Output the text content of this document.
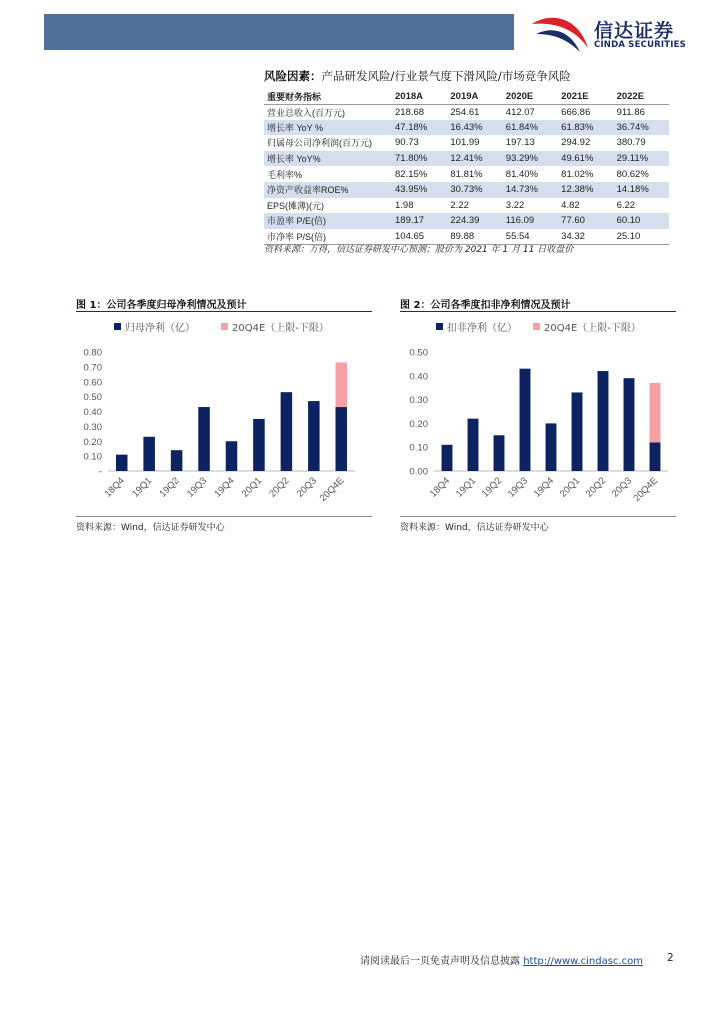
信达证券
CINDA SECURITIES
风险因素：产品研发风险/行业景气度下滑风险/市场竞争风险
重要财务指标	2018A	2019A	2020E	2021E	2022E
营业总收入(百万元)	218.68	254.61	412.07	666.86	911.86
增长率 YoY %	47.18%	16.43%	61.84%	61.83%	36.74%
归属母公司净利润(百万元)	90.73	101.99	197.13	294.92	380.79
增长率 YoY%	71.80%	12.41%	93.29%	49.61%	29.11%
毛利率%	82.15%	81.81%	81.40%	81.02%	80.62%
净资产收益率ROE%	43.95%	30.73%	14.73%	12.38%	14.18%
EPS(摊薄)(元)	1.98	2.22	3.22	4.82	6.22
市盈率 P/E(倍)	189.17	224.39	116.09	77.60	60.10
市净率 P/S(倍)	104.65	89.88	55.54	34.32	25.10
资料来源：万得，信达证券研发中心预测；股价为 2021 年 1 月 11 日收盘价
图 1：公司各季度归母净利情况及预计
归母净利（亿）	20Q4E（上限-下限）
0.80
0.70
0.60
0.50
0.40
0.30
0.20
0.10
-
18Q4 19Q1 19Q2 19Q3 19Q4 20Q1 20Q2 20Q3
20Q4E
资料来源：Wind，信达证券研发中心
图 2：公司各季度扣非净利情况及预计
扣非净利（亿）	20Q4E（上限-下限）
0.50
0.40
0.30
0.20
0.10
0.00
18Q4 19Q1 19Q2 19Q3 19Q4 20Q1 20Q2 20Q3
20Q4E
资料来源：Wind，信达证券研发中心
请阅读最后一页免责声明及信息披露 http://www.cindasc.com 2
